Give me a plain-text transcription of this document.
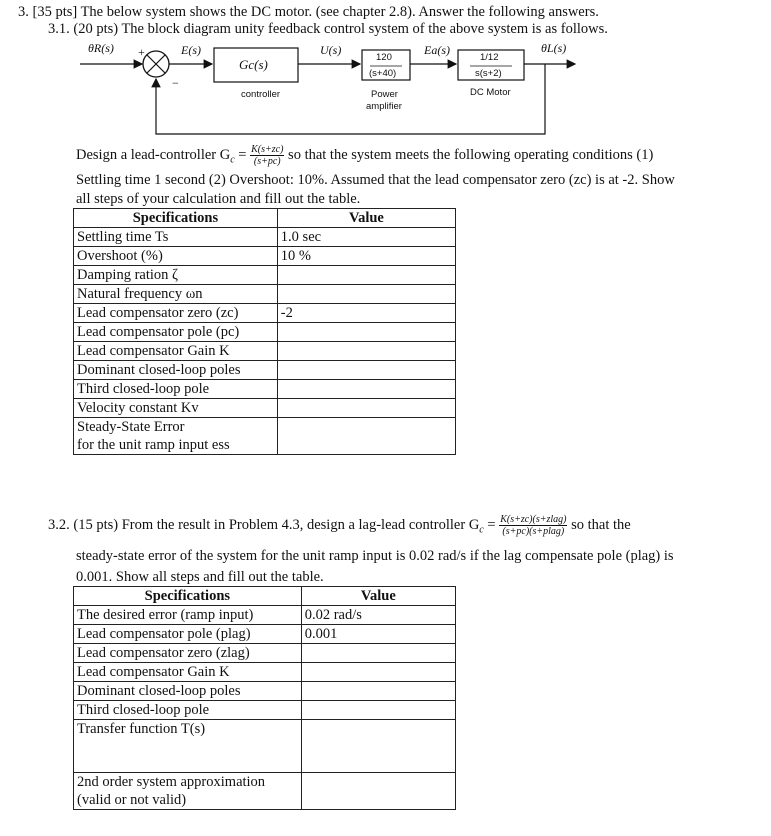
3. [35 pts] The below system shows the DC motor. (see chapter 2.8). Answer the following answers.
3.1. (20 pts) The block diagram unity feedback control system of the above system is as follows.
θR(s) +
−
E(s)
Gc(s)
U(s)
120
(s+40)
Ea(s)
1/12
s(s+2)
θL(s)
controller	Power
amplifier
DC Motor
Design a lead-controller $G_c = \frac{K(s+zc)}{(s+pc)}$ so that the system meets the following operating conditions (1)
Settling time 1 second (2) Overshoot: 10%. Assumed that the lead compensator zero (zc) is at -2. Show
all steps of your calculation and fill out the table.
Specifications	Value
Settling time Ts	1.0 sec
Overshoot (%)	10 %
Damping ration ζ	
Natural frequency ωn	
Lead compensator zero (zc)	-2
Lead compensator pole (pc)	
Lead compensator Gain K	
Dominant closed-loop poles	
Third closed-loop pole	
Velocity constant Kv	

Steady-State Error
for the unit ramp input ess	

3.2. (15 pts) From the result in Problem 4.3, design a lag-lead controller $G_c = \frac{\text{K(s+zc)(s+zlag)}}{\text{(s+pc)(s+plag)}}$ so that the
steady-state error of the system for the unit ramp input is 0.02 rad/s if the lag compensate pole (plag) is
0.001. Show all steps and fill out the table.
Specifications	Value
The desired error (ramp input)	0.02 rad/s
Lead compensator pole (plag)	0.001
Lead compensator zero (zlag)	
Lead compensator Gain K	
Dominant closed-loop poles	
Third closed-loop pole	
Transfer function T(s)	

2nd order system approximation
(valid or not valid)	
